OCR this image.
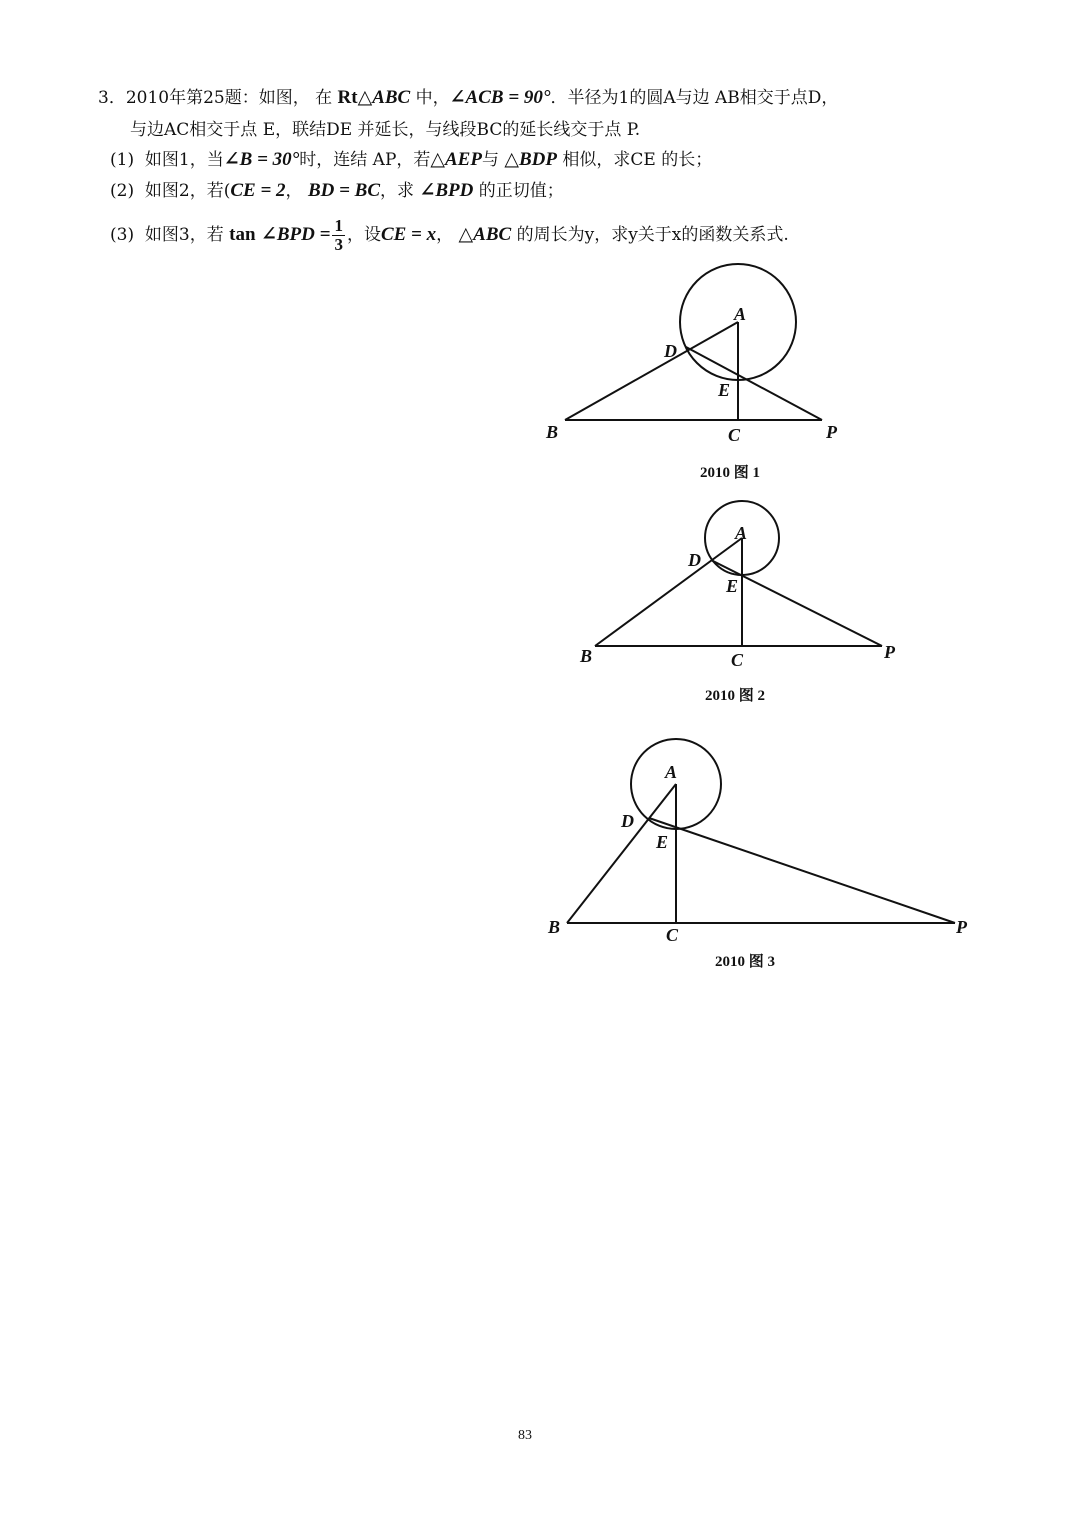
3．2010年第25题：如图， 在 Rt△ABC 中，∠ACB = 90°．半径为1的圆A与边 AB相交于点D，
与边AC相交于点 E，联结DE 并延长，与线段BC的延长线交于点 P.
(1) 如图1，当∠B = 30°时，连结 AP，若△AEP与 △BDP 相似，求CE 的长；
(2) 如图2，若(CE = 2， BD = BC，求 ∠BPD 的正切值；
(3) 如图3，若 tan ∠BPD = $\frac{1}{3}$ ，设CE = x， △ABC 的周长为y，求y关于x的函数关系式.
A
D
E
B	C	P
2010 图 1
A
D
E
B	C	P
2010 图 2
A
D
E
B	C	P
2010 图 3
83
